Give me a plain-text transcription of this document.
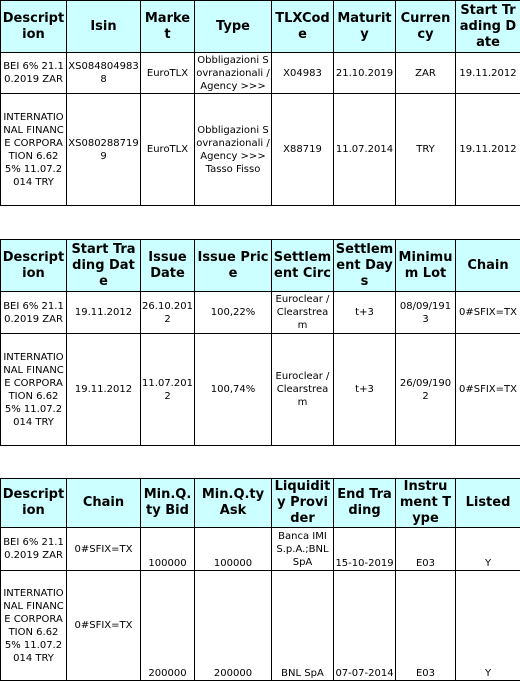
Description	Isin	Market	Type	TLXCode	Maturity	Currency	Start Trading Date
BEI 6% 21.10.2019 ZAR	XS0848049838	EuroTLX	Obbligazioni Sovranazionali /Agency >>>	X04983	21.10.2019	ZAR	19.11.2012
INTERNATIONAL FINANCE CORPORATION 6.625% 11.07.2014 TRY	XS0802887199	EuroTLX	Obbligazioni Sovranazionali /Agency >>> Tasso Fisso	X88719	11.07.2014	TRY	19.11.2012
Description	Start Trading Date	Issue Date	Issue Price	Settlement Circ	Settlement Days	Minimum Lot	Chain
BEI 6% 21.10.2019 ZAR	19.11.2012	26.10.2012	100,22%	Euroclear / Clearstream	t+3	08/09/1913	0#SFIX=TX
INTERNATIONAL FINANCE CORPORATION 6.625% 11.07.2014 TRY	19.11.2012	11.07.2012	100,74%	Euroclear / Clearstream	t+3	26/09/1902	0#SFIX=TX
Description	Chain	Min.Q.ty Bid	Min.Q.ty Ask	Liquidity Provider	End Trading	Instrument Type	Listed
BEI 6% 21.10.2019 ZAR	0#SFIX=TX	100000	100000	Banca IMI S.p.A.;BNL SpA	15-10-2019	E03	Y
INTERNATIONAL FINANCE CORPORATION 6.625% 11.07.2014 TRY	0#SFIX=TX	200000	200000	BNL SpA	07-07-2014	E03	Y
